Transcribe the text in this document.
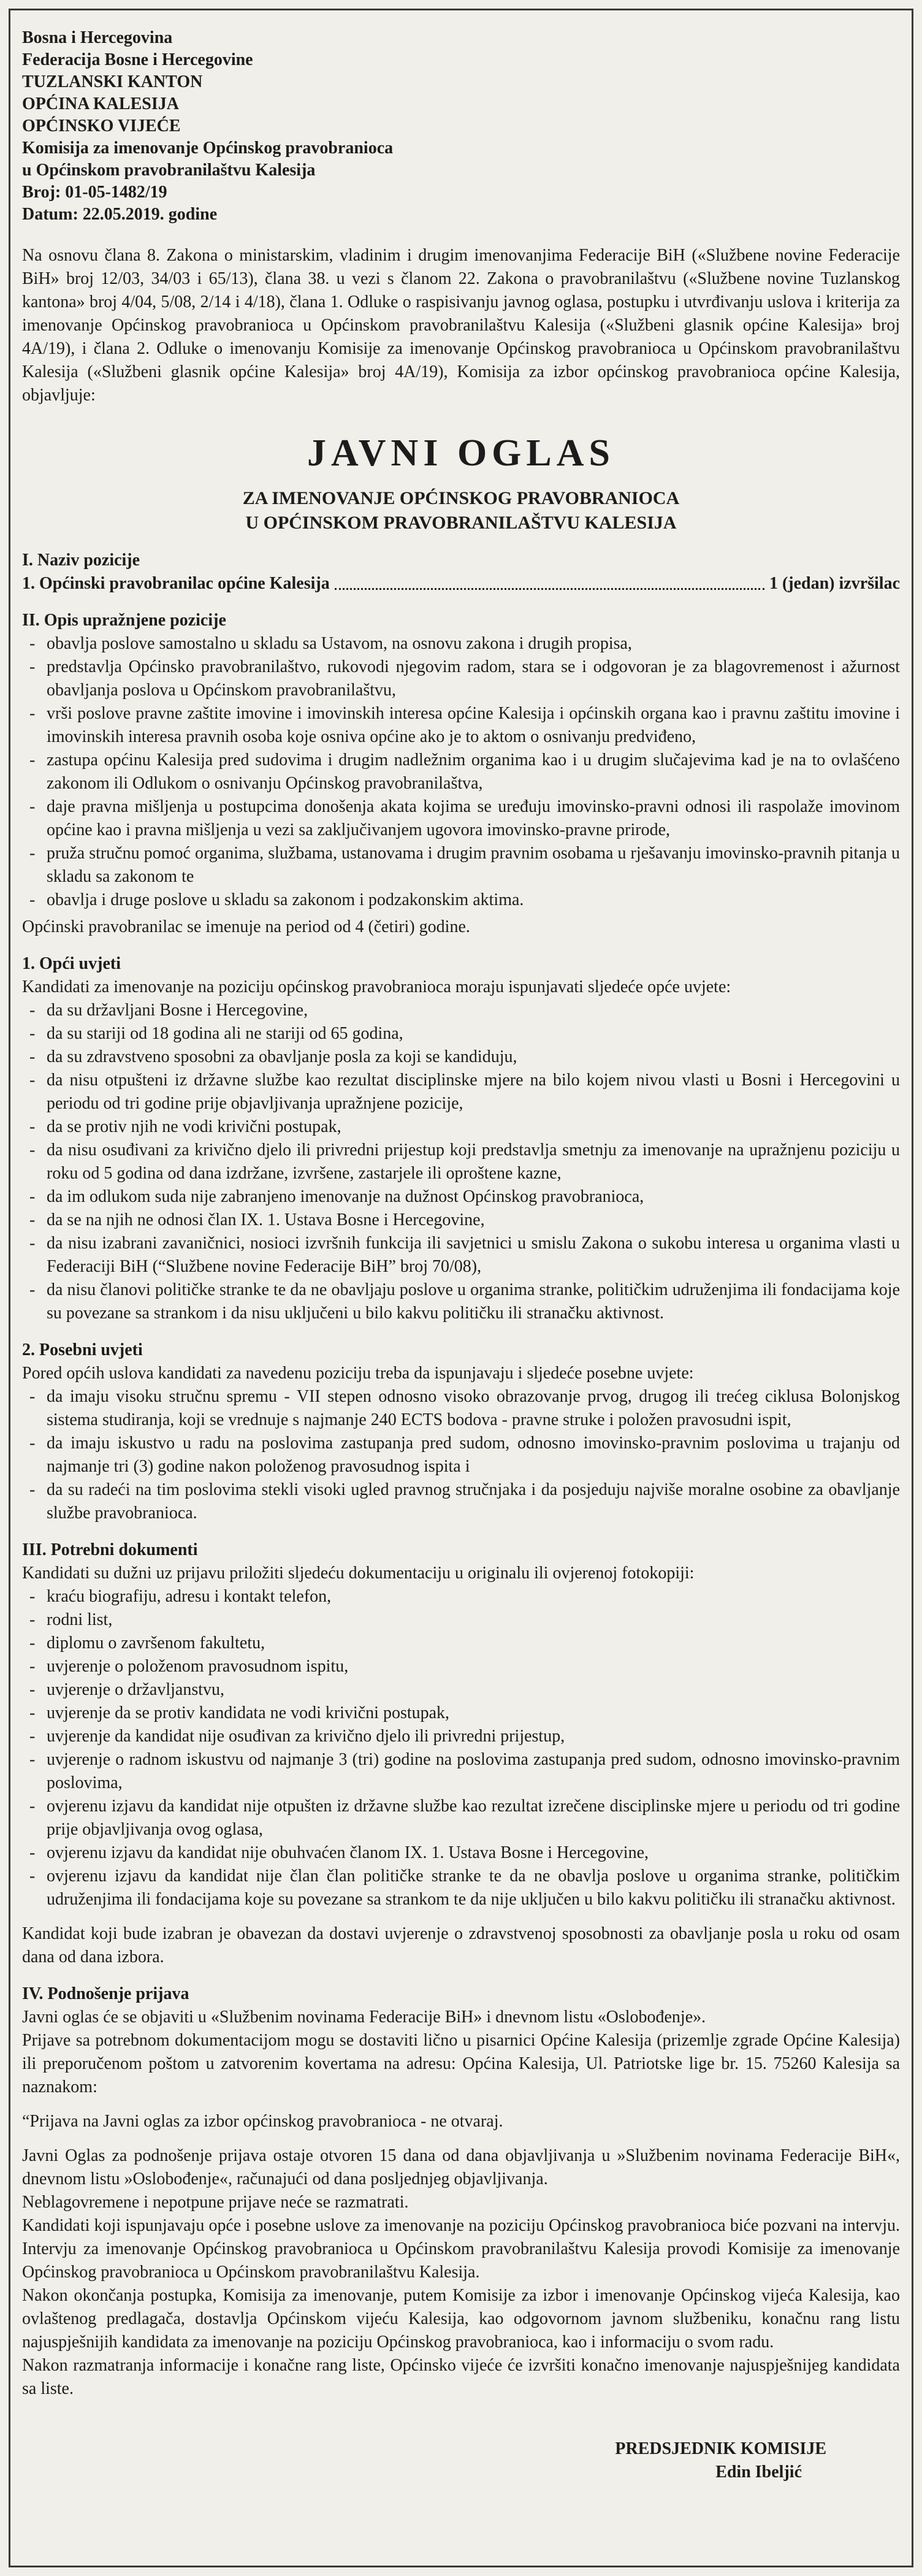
Bosna i Hercegovina

Federacija Bosne i Hercegovine

TUZLANSKI KANTON

OPĆINA KALESIJA

OPĆINSKO VIJEĆE

Komisija za imenovanje Općinskog pravobranioca

u Općinskom pravobranilaštvu Kalesija

Broj: 01-05-1482/19

Datum: 22.05.2019. godine

Na osnovu člana 8. Zakona o ministarskim, vladinim i drugim imenovanjima Federacije BiH («Službene novine Federacije BiH» broj 12/03, 34/03 i 65/13), člana 38. u vezi s članom 22. Zakona o pravobranilaštvu («Službene novine Tuzlanskog kantona» broj 4/04, 5/08, 2/14 i 4/18), člana 1. Odluke o raspisivanju javnog oglasa, postupku i utvrđivanju uslova i kriterija za imenovanje Općinskog pravobranioca u Općinskom pravobranilaštvu Kalesija («Službeni glasnik općine Kalesija» broj 4A/19), i člana 2. Odluke o imenovanju Komisije za imenovanje Općinskog pravobranioca u Općinskom pravobranilaštvu Kalesija («Službeni glasnik općine Kalesija» broj 4A/19), Komisija za izbor općinskog pravobranioca općine Kalesija, objavljuje:

JAVNI OGLAS

ZA IMENOVANJE OPĆINSKOG PRAVOBRANIOCA

U OPĆINSKOM PRAVOBRANILAŠTVU KALESIJA

I. Naziv pozicije
1. Općinski pravobranilac općine Kalesija	1 (jedan) izvršilac
II. Opis upražnjene pozicije
- obavlja poslove samostalno u skladu sa Ustavom, na osnovu zakona i drugih propisa,
- predstavlja Općinsko pravobranilaštvo, rukovodi njegovim radom, stara se i odgovoran je za blagovremenost i ažurnost obavljanja poslova u Općinskom pravobranilaštvu,
- vrši poslove pravne zaštite imovine i imovinskih interesa općine Kalesija i općinskih organa kao i pravnu zaštitu imovine i imovinskih interesa pravnih osoba koje osniva općine ako je to aktom o osnivanju predviđeno,
- zastupa općinu Kalesija pred sudovima i drugim nadležnim organima kao i u drugim slučajevima kad je na to ovlašćeno zakonom ili Odlukom o osnivanju Općinskog pravobranilaštva,
- daje pravna mišljenja u postupcima donošenja akata kojima se uređuju imovinsko-pravni odnosi ili raspolaže imovinom općine kao i pravna mišljenja u vezi sa zaključivanjem ugovora imovinsko-pravne prirode,
- pruža stručnu pomoć organima, službama, ustanovama i drugim pravnim osobama u rješavanju imovinsko-pravnih pitanja u skladu sa zakonom te
- obavlja i druge poslove u skladu sa zakonom i podzakonskim aktima.

Općinski pravobranilac se imenuje na period od 4 (četiri) godine.

1. Opći uvjeti

Kandidati za imenovanje na poziciju općinskog pravobranioca moraju ispunjavati sljedeće opće uvjete:

- da su državljani Bosne i Hercegovine,
- da su stariji od 18 godina ali ne stariji od 65 godina,
- da su zdravstveno sposobni za obavljanje posla za koji se kandiduju,
- da nisu otpušteni iz državne službe kao rezultat disciplinske mjere na bilo kojem nivou vlasti u Bosni i Hercegovini u periodu od tri godine prije objavljivanja upražnjene pozicije,
- da se protiv njih ne vodi krivični postupak,
- da nisu osuđivani za krivično djelo ili privredni prijestup koji predstavlja smetnju za imenovanje na upražnjenu poziciju u roku od 5 godina od dana izdržane, izvršene, zastarjele ili oproštene kazne,
- da im odlukom suda nije zabranjeno imenovanje na dužnost Općinskog pravobranioca,
- da se na njih ne odnosi član IX. 1. Ustava Bosne i Hercegovine,
- da nisu izabrani zavaničnici, nosioci izvršnih funkcija ili savjetnici u smislu Zakona o sukobu interesa u organima vlasti u Federaciji BiH (“Službene novine Federacije BiH” broj 70/08),
- da nisu članovi političke stranke te da ne obavljaju poslove u organima stranke, političkim udruženjima ili fondacijama koje su povezane sa strankom i da nisu uključeni u bilo kakvu političku ili stranačku aktivnost.
2. Posebni uvjeti

Pored općih uslova kandidati za navedenu poziciju treba da ispunjavaju i sljedeće posebne uvjete:

- da imaju visoku stručnu spremu - VII stepen odnosno visoko obrazovanje prvog, drugog ili trećeg ciklusa Bolonjskog sistema studiranja, koji se vrednuje s najmanje 240 ECTS bodova - pravne struke i položen pravosudni ispit,
- da imaju iskustvo u radu na poslovima zastupanja pred sudom, odnosno imovinsko-pravnim poslovima u trajanju od najmanje tri (3) godine nakon položenog pravosudnog ispita i
- da su radeći na tim poslovima stekli visoki ugled pravnog stručnjaka i da posjeduju najviše moralne osobine za obavljanje službe pravobranioca.
III. Potrebni dokumenti

Kandidati su dužni uz prijavu priložiti sljedeću dokumentaciju u originalu ili ovjerenoj fotokopiji:

- kraću biografiju, adresu i kontakt telefon,
- rodni list,
- diplomu o završenom fakultetu,
- uvjerenje o položenom pravosudnom ispitu,
- uvjerenje o državljanstvu,
- uvjerenje da se protiv kandidata ne vodi krivični postupak,
- uvjerenje da kandidat nije osuđivan za krivično djelo ili privredni prijestup,
- uvjerenje o radnom iskustvu od najmanje 3 (tri) godine na poslovima zastupanja pred sudom, odnosno imovinsko-pravnim poslovima,
- ovjerenu izjavu da kandidat nije otpušten iz državne službe kao rezultat izrečene disciplinske mjere u periodu od tri godine prije objavljivanja ovog oglasa,
- ovjerenu izjavu da kandidat nije obuhvaćen članom IX. 1. Ustava Bosne i Hercegovine,
- ovjerenu izjavu da kandidat nije član član političke stranke te da ne obavlja poslove u organima stranke, političkim udruženjima ili fondacijama koje su povezane sa strankom te da nije uključen u bilo kakvu političku ili stranačku aktivnost.

Kandidat koji bude izabran je obavezan da dostavi uvjerenje o zdravstvenoj sposobnosti za obavljanje posla u roku od osam dana od dana izbora.

IV. Podnošenje prijava

Javni oglas će se objaviti u «Službenim novinama Federacije BiH» i dnevnom listu «Oslobođenje».

Prijave sa potrebnom dokumentacijom mogu se dostaviti lično u pisarnici Općine Kalesija (prizemlje zgrade Općine Kalesija) ili preporučenom poštom u zatvorenim kovertama na adresu: Općina Kalesija, Ul. Patriotske lige br. 15. 75260 Kalesija sa naznakom:

“Prijava na Javni oglas za izbor općinskog pravobranioca - ne otvaraj.

Javni Oglas za podnošenje prijava ostaje otvoren 15 dana od dana objavljivanja u »Službenim novinama Federacije BiH«, dnevnom listu »Oslobođenje«, računajući od dana posljednjeg objavljivanja.

Neblagovremene i nepotpune prijave neće se razmatrati.

Kandidati koji ispunjavaju opće i posebne uslove za imenovanje na poziciju Općinskog pravobranioca biće pozvani na intervju. Intervju za imenovanje Općinskog pravobranioca u Općinskom pravobranilaštvu Kalesija provodi Komisije za imenovanje Općinskog pravobranioca u Općinskom pravobranilaštvu Kalesija.

Nakon okončanja postupka, Komisija za imenovanje, putem Komisije za izbor i imenovanje Općinskog vijeća Kalesija, kao ovlaštenog predlagača, dostavlja Općinskom vijeću Kalesija, kao odgovornom javnom službeniku, konačnu rang listu najuspješnijih kandidata za imenovanje na poziciju Općinskog pravobranioca, kao i informaciju o svom radu.

Nakon razmatranja informacije i konačne rang liste, Općinsko vijeće će izvršiti konačno imenovanje najuspješnijeg kandidata sa liste.

PREDSJEDNIK KOMISIJE
Edin Ibeljić
